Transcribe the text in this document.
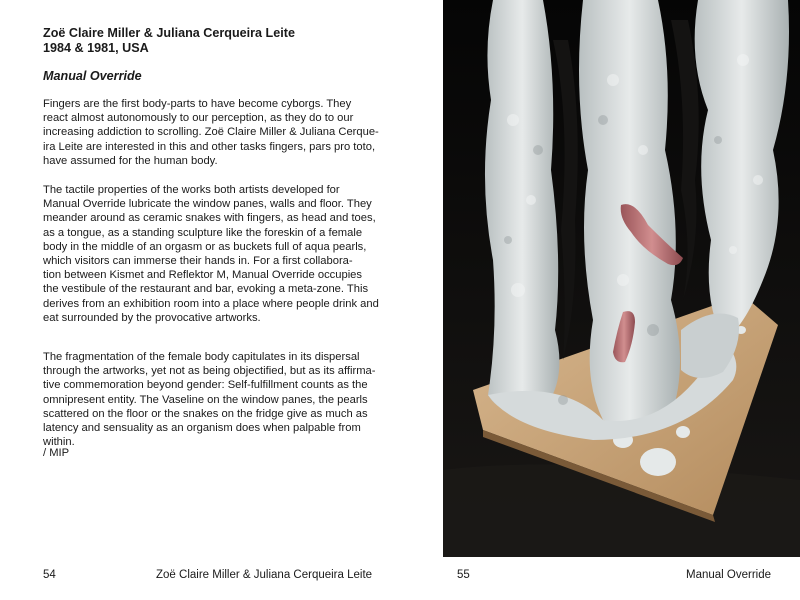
Zoë Claire Miller & Juliana Cerqueira Leite

1984 & 1981, USA

Manual Override

Fingers are the first body-parts to have become cyborgs. They
react almost autonomously to our perception, as they do to our
increasing addiction to scrolling. Zoë Claire Miller & Juliana Cerque-
ira Leite are interested in this and other tasks fingers, pars pro toto,
have assumed for the human body.

The tactile properties of the works both artists developed for
Manual Override lubricate the window panes, walls and floor. They
meander around as ceramic snakes with fingers, as head and toes,
as a tongue, as a standing sculpture like the foreskin of a female
body in the middle of an orgasm or as buckets full of aqua pearls,
which visitors can immerse their hands in. For a first collabora-
tion between Kismet and Reflektor M, Manual Override occupies
the vestibule of the restaurant and bar, evoking a meta-zone. This
derives from an exhibition room into a place where people drink and
eat surrounded by the provocative artworks.

The fragmentation of the female body capitulates in its dispersal
through the artworks, yet not as being objectified, but as its affirma-
tive commemoration beyond gender: Self-fulfillment counts as the
omnipresent entity. The Vaseline on the window panes, the pearls
scattered on the floor or the snakes on the fridge give as much as
latency and sensuality as an organism does when palpable from
within.

/ MIP

54	Zoë Claire Miller & Juliana Cerqueira Leite	55	Manual Override
